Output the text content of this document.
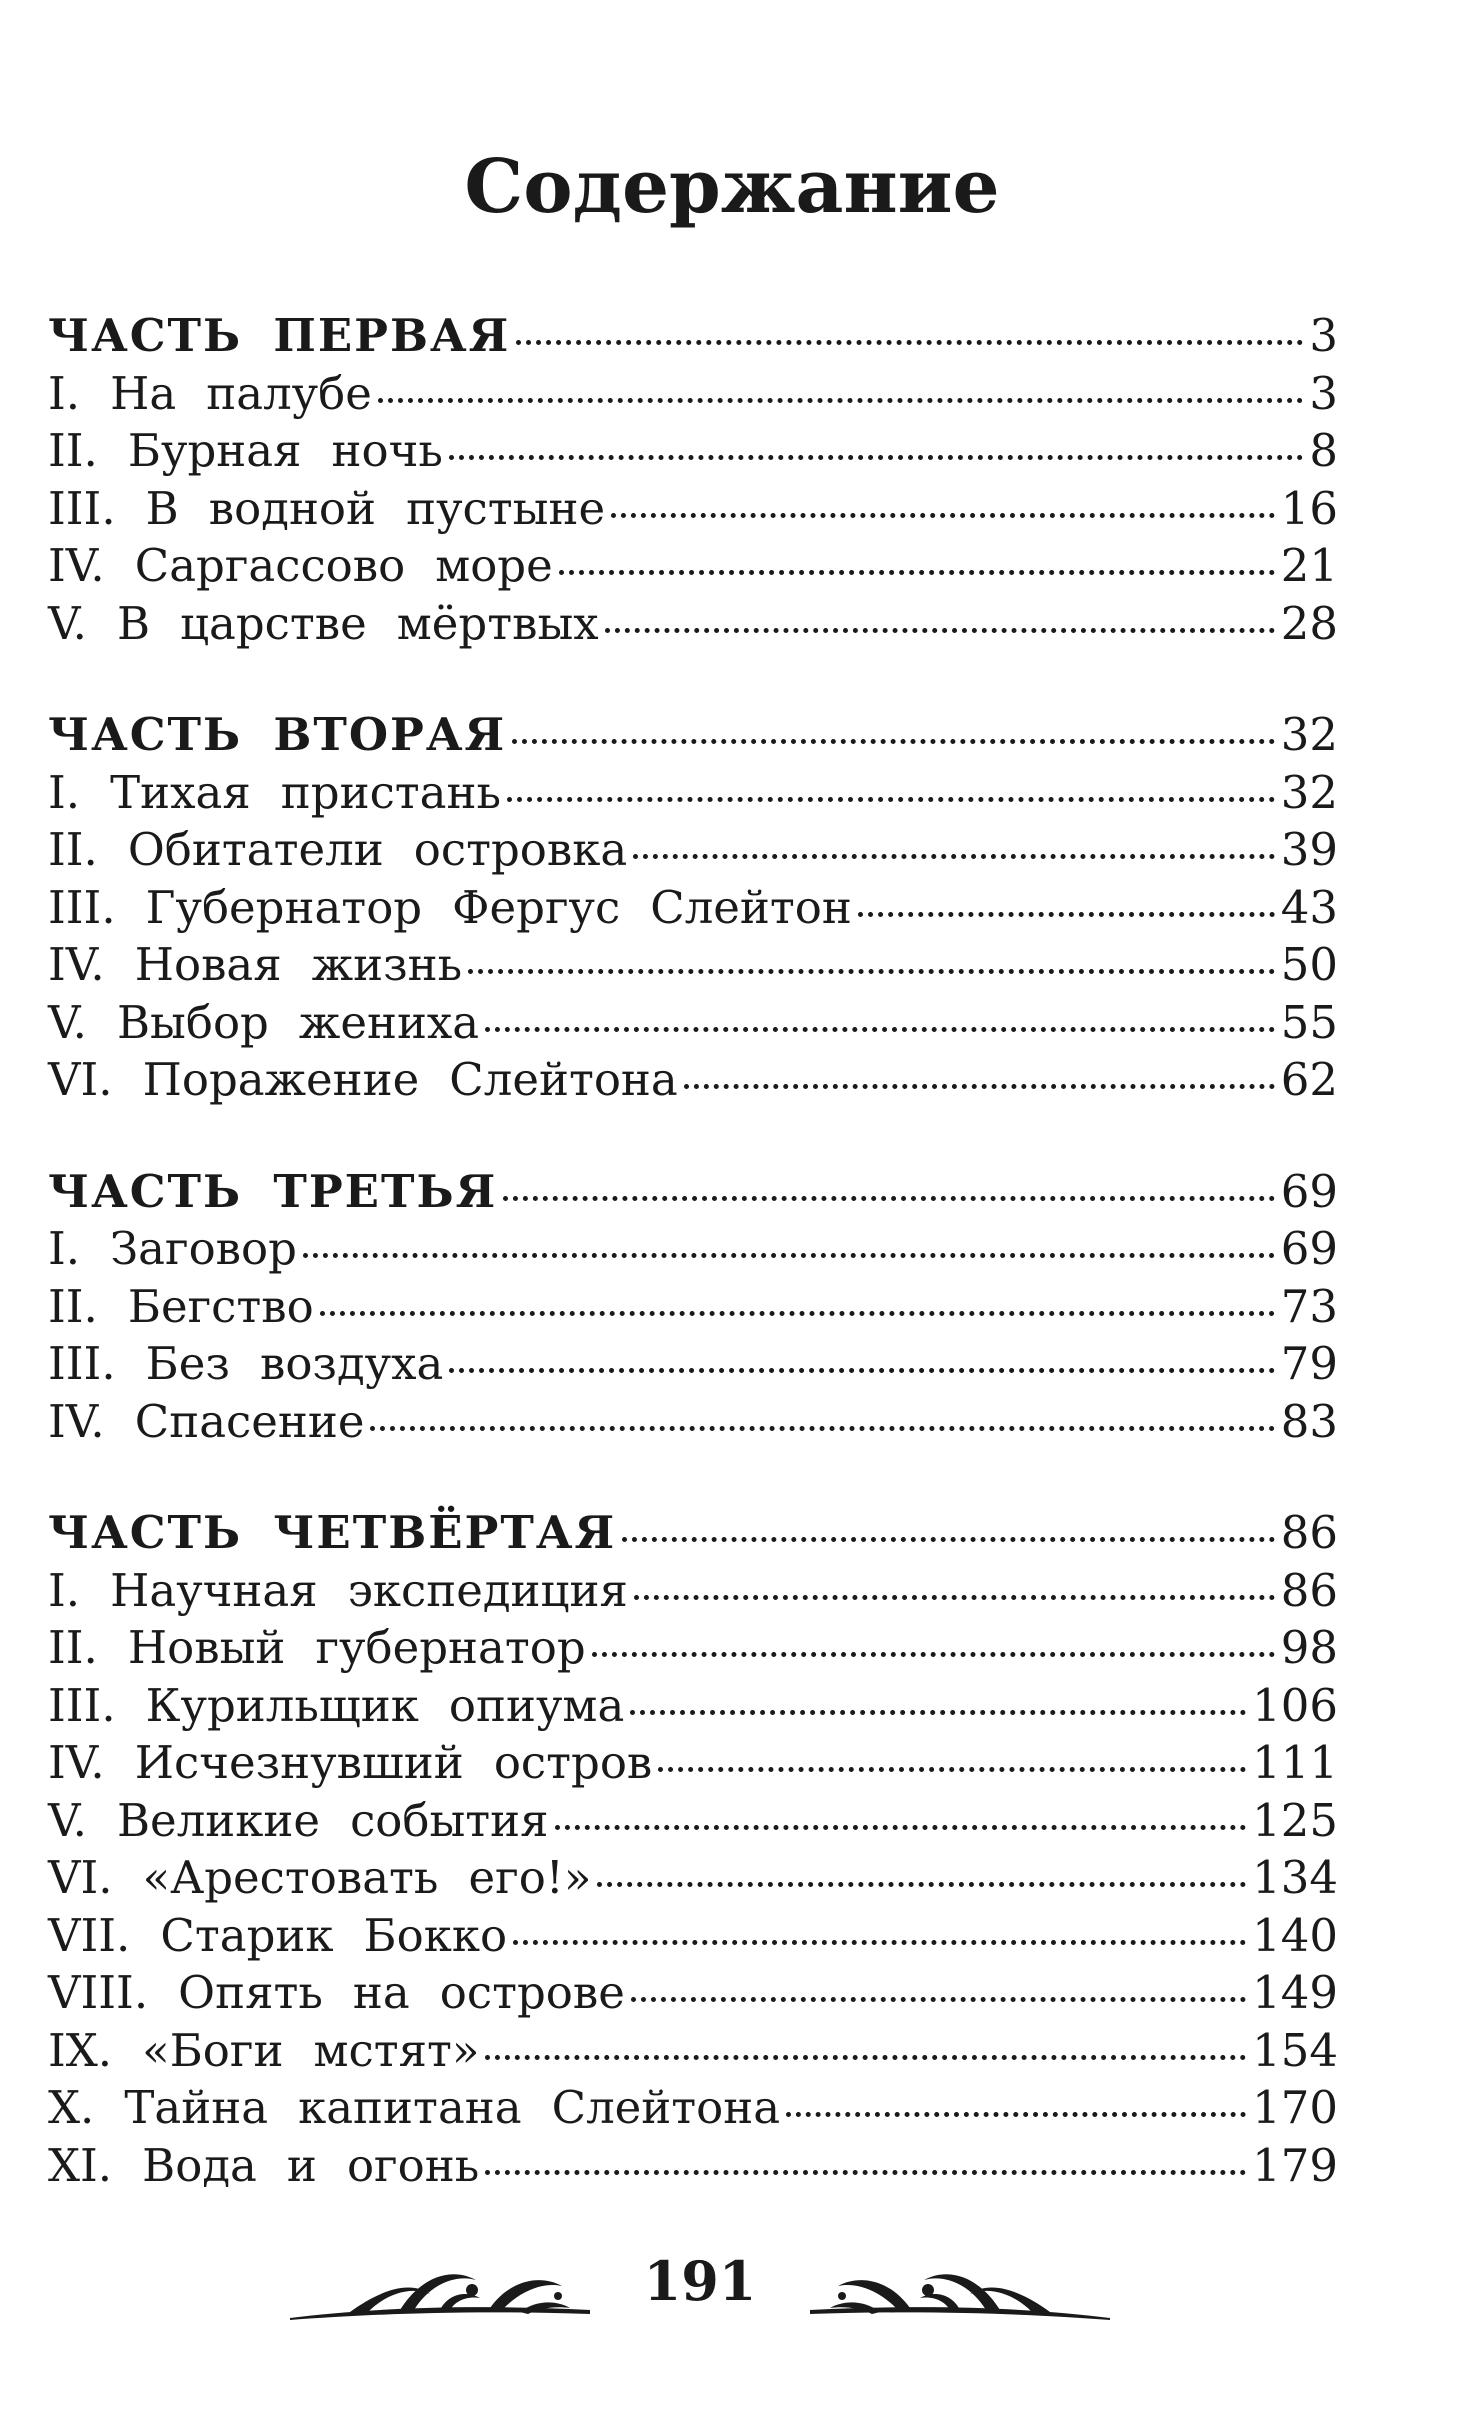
Содержание
ЧАСТЬ ПЕРВАЯ	3
I. На палубе	3
II. Бурная ночь	8
III. В водной пустыне	16
IV. Саргассово море	21
V. В царстве мёртвых	28
ЧАСТЬ ВТОРАЯ	32
I. Тихая пристань	32
II. Обитатели островка	39
III. Губернатор Фергус Слейтон	43
IV. Новая жизнь	50
V. Выбор жениха	55
VI. Поражение Слейтона	62
ЧАСТЬ ТРЕТЬЯ	69
I. Заговор	69
II. Бегство	73
III. Без воздуха	79
IV. Спасение	83
ЧАСТЬ ЧЕТВЁРТАЯ	86
I. Научная экспедиция	86
II. Новый губернатор	98
III. Курильщик опиума	106
IV. Исчезнувший остров	111
V. Великие события	125
VI. «Арестовать его!»	134
VII. Старик Бокко	140
VIII. Опять на острове	149
IX. «Боги мстят»	154
X. Тайна капитана Слейтона	170
XI. Вода и огонь	179
191
